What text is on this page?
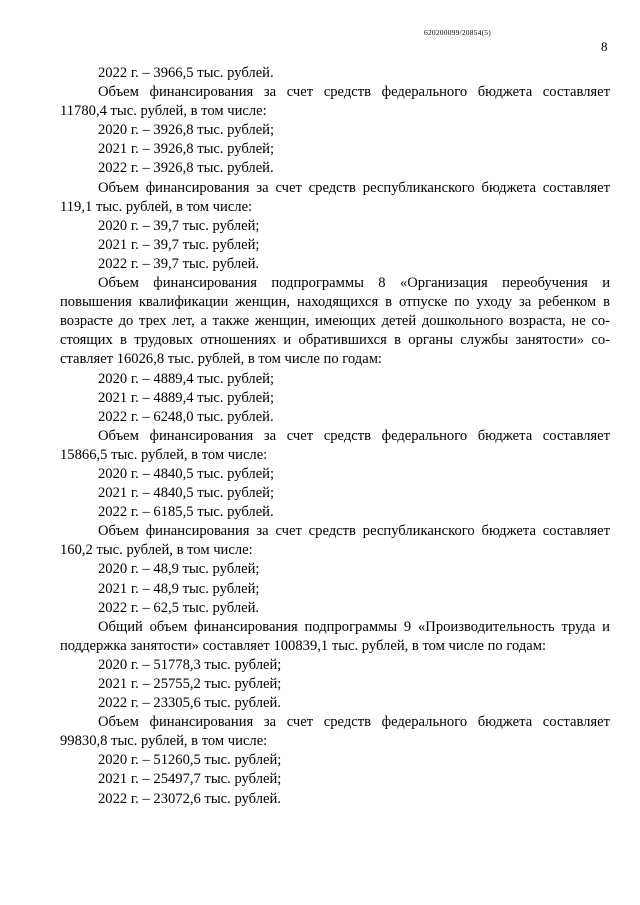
620200099/20854(5)
8
2022 г. – 3966,5 тыс. рублей.
Объем финансирования за счет средств федерального бюджета составляет 11780,4 тыс. рублей, в том числе:
2020 г. – 3926,8 тыс. рублей;
2021 г. – 3926,8 тыс. рублей;
2022 г. – 3926,8 тыс. рублей.
Объем финансирования за счет средств республиканского бюджета составляет 119,1 тыс. рублей, в том числе:
2020 г. – 39,7 тыс. рублей;
2021 г. – 39,7 тыс. рублей;
2022 г. – 39,7 тыс. рублей.
Объем финансирования подпрограммы 8 «Организация переобучения и повышения квалификации женщин, находящихся в отпуске по уходу за ребенком в возрасте до трех лет, а также женщин, имеющих детей дошкольного возраста, не со-стоящих в трудовых отношениях и обратившихся в органы службы занятости» со-ставляет 16026,8 тыс. рублей, в том числе по годам:
2020 г. – 4889,4 тыс. рублей;
2021 г. – 4889,4 тыс. рублей;
2022 г. – 6248,0 тыс. рублей.
Объем финансирования за счет средств федерального бюджета составляет 15866,5 тыс. рублей, в том числе:
2020 г. – 4840,5 тыс. рублей;
2021 г. – 4840,5 тыс. рублей;
2022 г. – 6185,5 тыс. рублей.
Объем финансирования за счет средств республиканского бюджета составляет 160,2 тыс. рублей, в том числе:
2020 г. – 48,9 тыс. рублей;
2021 г. – 48,9 тыс. рублей;
2022 г. – 62,5 тыс. рублей.
Общий объем финансирования подпрограммы 9 «Производительность труда и поддержка занятости» составляет 100839,1 тыс. рублей, в том числе по годам:
2020 г. – 51778,3 тыс. рублей;
2021 г. – 25755,2 тыс. рублей;
2022 г. – 23305,6 тыс. рублей.
Объем финансирования за счет средств федерального бюджета составляет 99830,8 тыс. рублей, в том числе:
2020 г. – 51260,5 тыс. рублей;
2021 г. – 25497,7 тыс. рублей;
2022 г. – 23072,6 тыс. рублей.
